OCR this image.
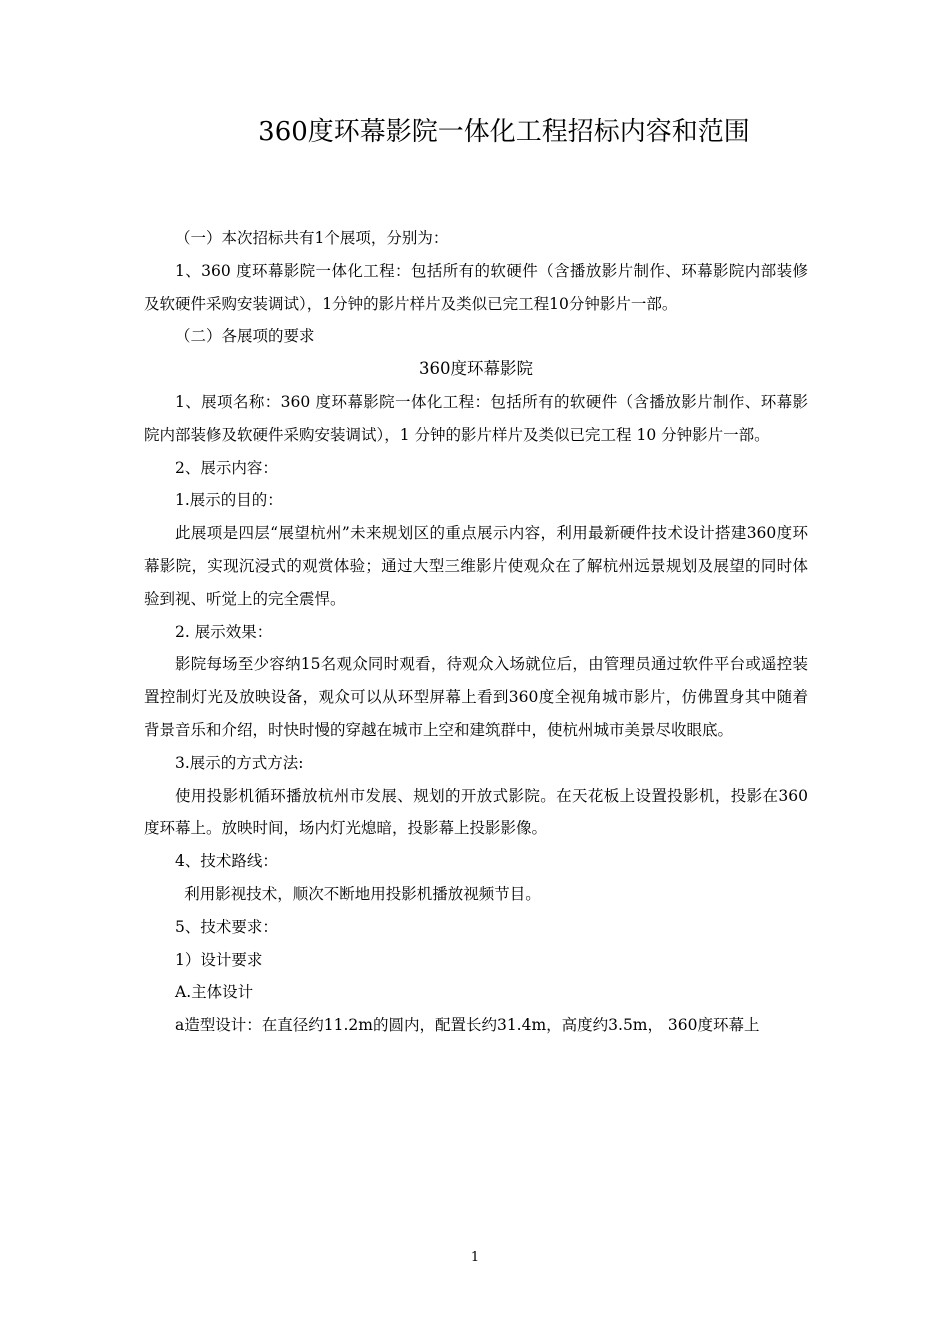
360度环幕影院一体化工程招标内容和范围

（一）本次招标共有1个展项，分别为：

1、360 度环幕影院一体化工程：包括所有的软硬件（含播放影片制作、环幕影院内部装修及软硬件采购安装调试），1分钟的影片样片及类似已完工程10分钟影片一部。

（二）各展项的要求

360度环幕影院

1、展项名称：360 度环幕影院一体化工程：包括所有的软硬件（含播放影片制作、环幕影院内部装修及软硬件采购安装调试），1 分钟的影片样片及类似已完工程 10 分钟影片一部。

2、展示内容：

1.展示的目的：

此展项是四层“展望杭州”未来规划区的重点展示内容，利用最新硬件技术设计搭建360度环幕影院，实现沉浸式的观赏体验；通过大型三维影片使观众在了解杭州远景规划及展望的同时体验到视、听觉上的完全震悍。

2. 展示效果：

影院每场至少容纳15名观众同时观看，待观众入场就位后，由管理员通过软件平台或遥控装置控制灯光及放映设备，观众可以从环型屏幕上看到360度全视角城市影片，仿佛置身其中随着背景音乐和介绍，时快时慢的穿越在城市上空和建筑群中，使杭州城市美景尽收眼底。

3.展示的方式方法:

使用投影机循环播放杭州市发展、规划的开放式影院。在天花板上设置投影机，投影在360度环幕上。放映时间，场内灯光熄暗，投影幕上投影影像。

4、技术路线：

利用影视技术，顺次不断地用投影机播放视频节目。

5、技术要求：

1）设计要求

A.主体设计

a造型设计：在直径约11.2m的圆内，配置长约31.4m，高度约3.5m， 360度环幕上

1
